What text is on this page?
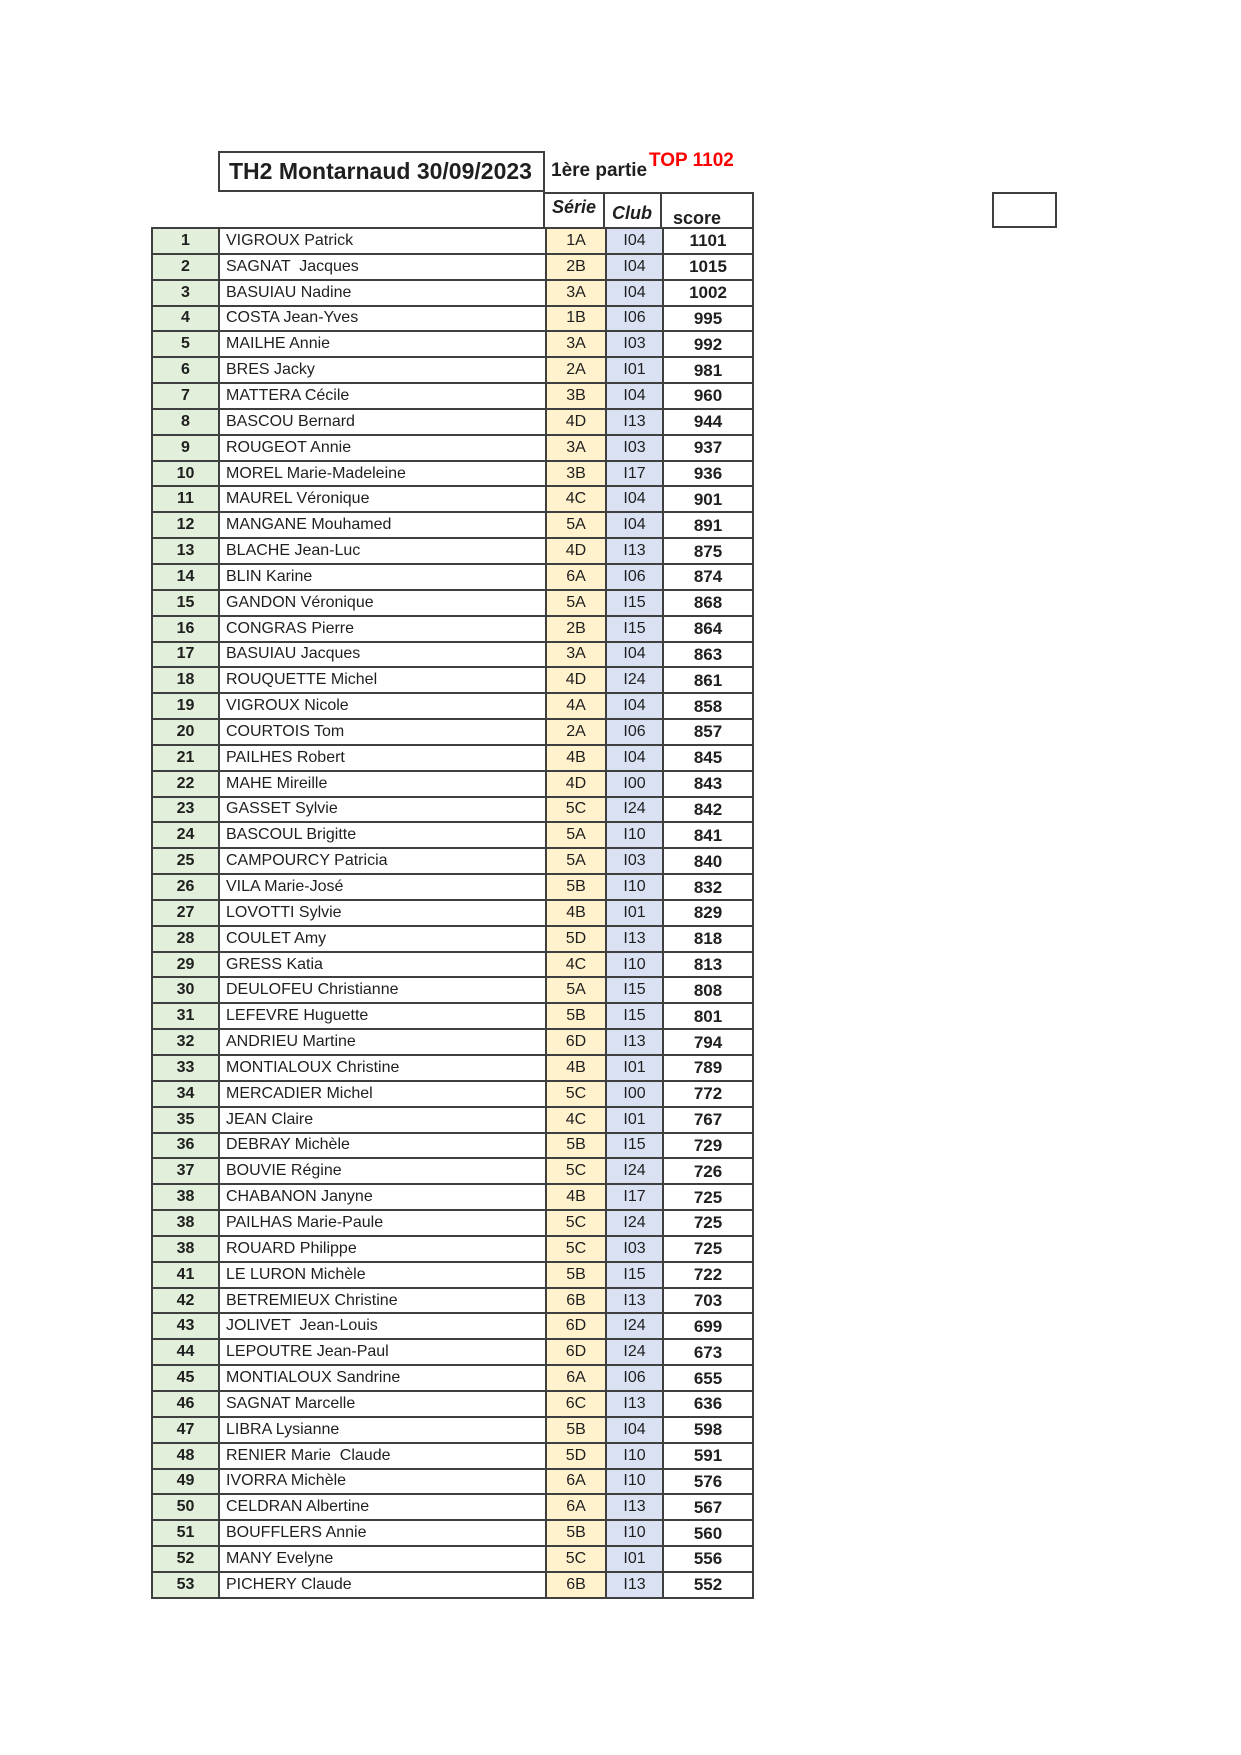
TH2 Montarnaud 30/09/2023	1ère partie TOP 1102
Série Club	score
1	VIGROUX Patrick	1A	I04	1101
2	SAGNAT  Jacques	2B	I04	1015
3	BASUIAU Nadine	3A	I04	1002
4	COSTA Jean-Yves	1B	I06	995
5	MAILHE Annie	3A	I03	992
6	BRES Jacky	2A	I01	981
7	MATTERA Cécile	3B	I04	960
8	BASCOU Bernard	4D	I13	944
9	ROUGEOT Annie	3A	I03	937
10	MOREL Marie-Madeleine	3B	I17	936
11	MAUREL Véronique	4C	I04	901
12	MANGANE Mouhamed	5A	I04	891
13	BLACHE Jean-Luc	4D	I13	875
14	BLIN Karine	6A	I06	874
15	GANDON Véronique	5A	I15	868
16	CONGRAS Pierre	2B	I15	864
17	BASUIAU Jacques	3A	I04	863
18	ROUQUETTE Michel	4D	I24	861
19	VIGROUX Nicole	4A	I04	858
20	COURTOIS Tom	2A	I06	857
21	PAILHES Robert	4B	I04	845
22	MAHE Mireille	4D	I00	843
23	GASSET Sylvie	5C	I24	842
24	BASCOUL Brigitte	5A	I10	841
25	CAMPOURCY Patricia	5A	I03	840
26	VILA Marie-José	5B	I10	832
27	LOVOTTI Sylvie	4B	I01	829
28	COULET Amy	5D	I13	818
29	GRESS Katia	4C	I10	813
30	DEULOFEU Christianne	5A	I15	808
31	LEFEVRE Huguette	5B	I15	801
32	ANDRIEU Martine	6D	I13	794
33	MONTIALOUX Christine	4B	I01	789
34	MERCADIER Michel	5C	I00	772
35	JEAN Claire	4C	I01	767
36	DEBRAY Michèle	5B	I15	729
37	BOUVIE Régine	5C	I24	726
38	CHABANON Janyne	4B	I17	725
38	PAILHAS Marie-Paule	5C	I24	725
38	ROUARD Philippe	5C	I03	725
41	LE LURON Michèle	5B	I15	722
42	BETREMIEUX Christine	6B	I13	703
43	JOLIVET  Jean-Louis	6D	I24	699
44	LEPOUTRE Jean-Paul	6D	I24	673
45	MONTIALOUX Sandrine	6A	I06	655
46	SAGNAT Marcelle	6C	I13	636
47	LIBRA Lysianne	5B	I04	598
48	RENIER Marie  Claude	5D	I10	591
49	IVORRA Michèle	6A	I10	576
50	CELDRAN Albertine	6A	I13	567
51	BOUFFLERS Annie	5B	I10	560
52	MANY Evelyne	5C	I01	556
53	PICHERY Claude	6B	I13	552
